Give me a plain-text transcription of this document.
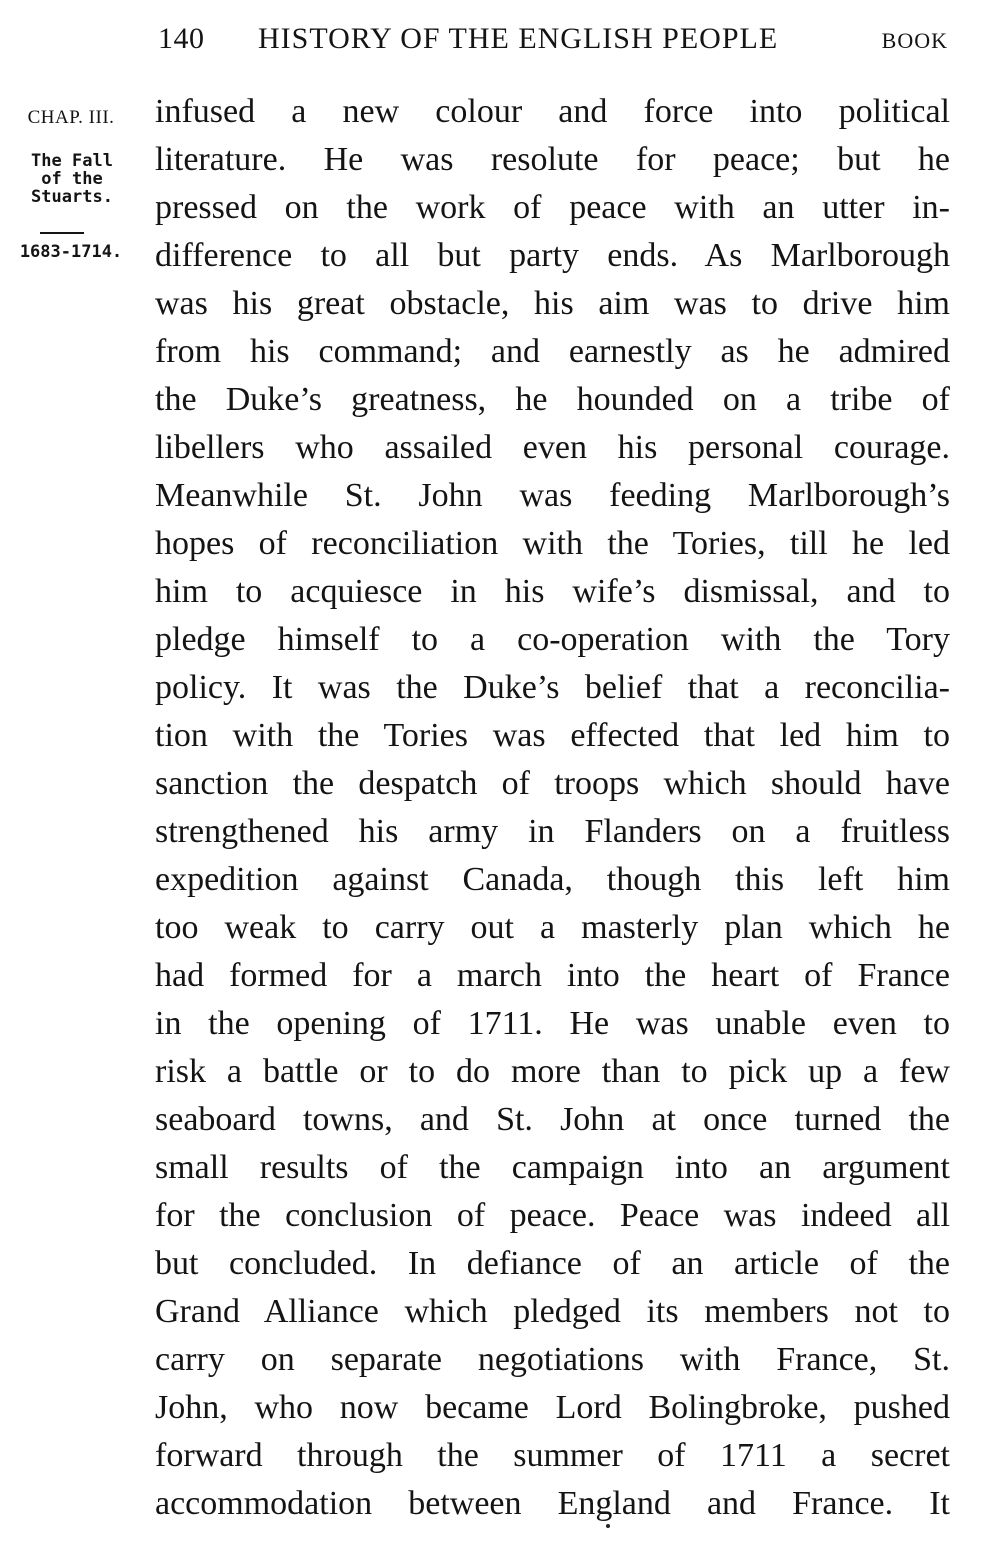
140 HISTORY OF THE ENGLISH PEOPLE	BOOK
CHAP. III.
The Fall
of the
Stuarts.
1683-1714.
infused a new colour and force into political
literature. He was resolute for peace; but he
pressed on the work of peace with an utter in-
difference to all but party ends. As Marlborough
was his great obstacle, his aim was to drive him
from his command; and earnestly as he admired
the Duke’s greatness, he hounded on a tribe of
libellers who assailed even his personal courage.
Meanwhile St. John was feeding Marlborough’s
hopes of reconciliation with the Tories, till he led
him to acquiesce in his wife’s dismissal, and to
pledge himself to a co-operation with the Tory
policy. It was the Duke’s belief that a reconcilia-
tion with the Tories was effected that led him to
sanction the despatch of troops which should have
strengthened his army in Flanders on a fruitless
expedition against Canada, though this left him
too weak to carry out a masterly plan which he
had formed for a march into the heart of France
in the opening of 1711. He was unable even to
risk a battle or to do more than to pick up a few
seaboard towns, and St. John at once turned the
small results of the campaign into an argument
for the conclusion of peace. Peace was indeed all
but concluded. In defiance of an article of the
Grand Alliance which pledged its members not to
carry on separate negotiations with France, St.
John, who now became Lord Bolingbroke, pushed
forward through the summer of 1711 a secret
accommodation between England and France. It
